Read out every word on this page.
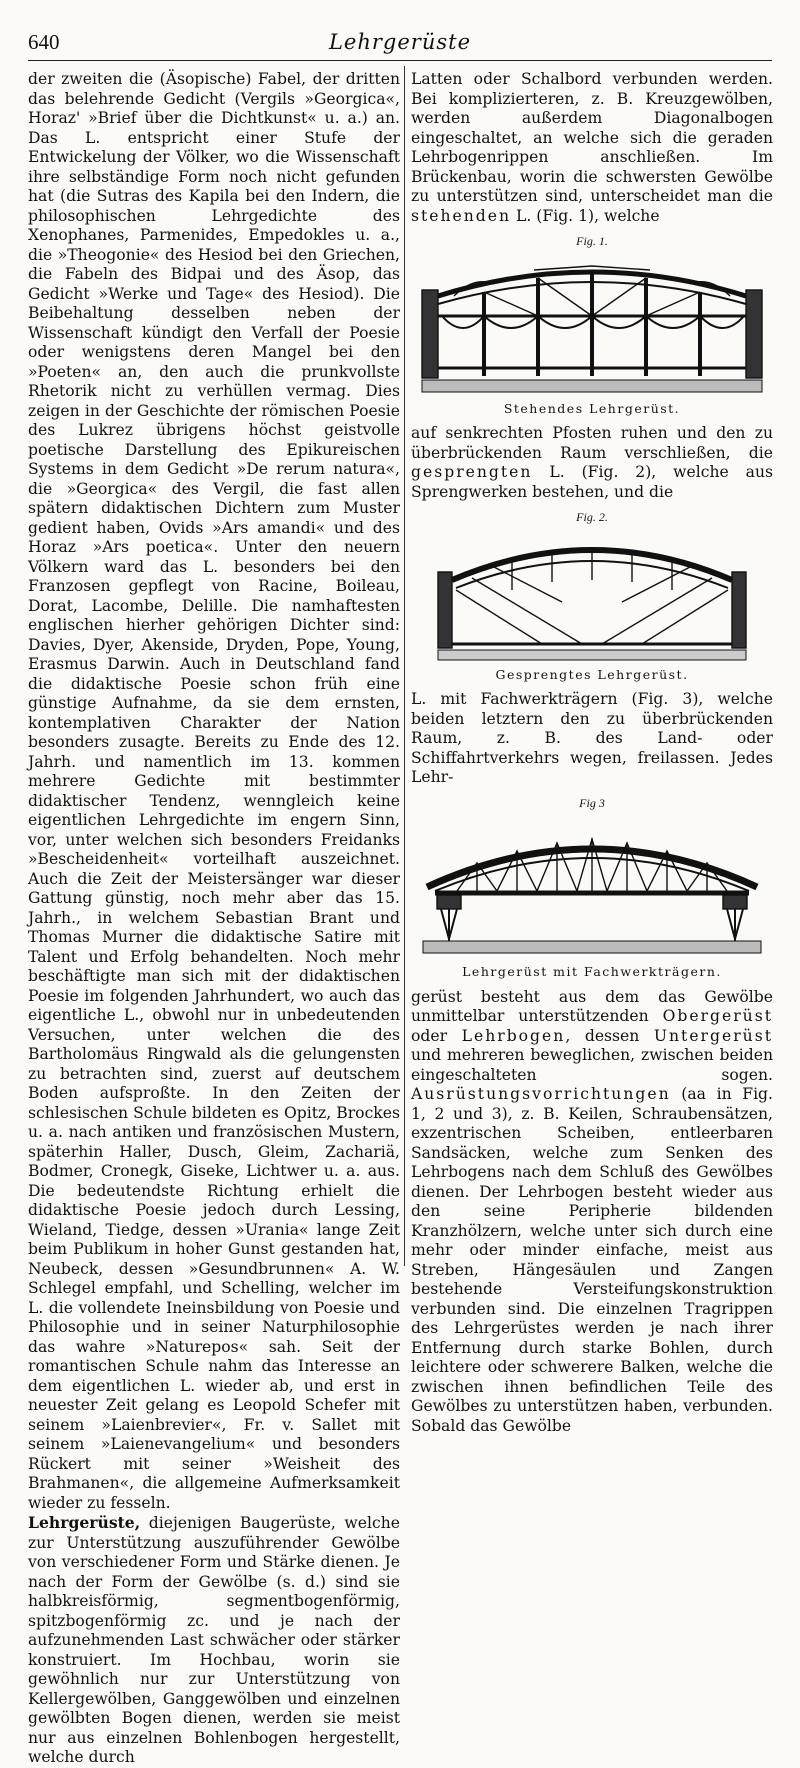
640	Lehrgerüste

der zweiten die (Äsopische) Fabel, der dritten das belehrende Gedicht (Vergils »Georgica«, Horaz' »Brief über die Dichtkunst« u. a.) an. Das L. entspricht einer Stufe der Entwickelung der Völker, wo die Wissenschaft ihre selbständige Form noch nicht gefunden hat (die Sutras des Kapila bei den Indern, die philosophischen Lehrgedichte des Xenophanes, Parmenides, Empedokles u. a., die »Theogonie« des Hesiod bei den Griechen, die Fabeln des Bidpai und des Äsop, das Gedicht »Werke und Tage« des Hesiod). Die Beibehaltung desselben neben der Wissenschaft kündigt den Verfall der Poesie oder wenigstens deren Mangel bei den »Poeten« an, den auch die prunkvollste Rhetorik nicht zu verhüllen vermag. Dies zeigen in der Geschichte der römischen Poesie des Lukrez übrigens höchst geistvolle poetische Darstellung des Epikureischen Systems in dem Gedicht »De rerum natura«, die »Georgica« des Vergil, die fast allen spätern didaktischen Dichtern zum Muster gedient haben, Ovids »Ars amandi« und des Horaz »Ars poetica«. Unter den neuern Völkern ward das L. besonders bei den Franzosen gepflegt von Racine, Boileau, Dorat, Lacombe, Delille. Die namhaftesten englischen hierher gehörigen Dichter sind: Davies, Dyer, Akenside, Dryden, Pope, Young, Erasmus Darwin. Auch in Deutschland fand die didaktische Poesie schon früh eine günstige Aufnahme, da sie dem ernsten, kontemplativen Charakter der Nation besonders zusagte. Bereits zu Ende des 12. Jahrh. und namentlich im 13. kommen mehrere Gedichte mit bestimmter didaktischer Tendenz, wenngleich keine eigentlichen Lehrgedichte im engern Sinn, vor, unter welchen sich besonders Freidanks »Bescheidenheit« vorteilhaft auszeichnet. Auch die Zeit der Meistersänger war dieser Gattung günstig, noch mehr aber das 15. Jahrh., in welchem Sebastian Brant und Thomas Murner die didaktische Satire mit Talent und Erfolg behandelten. Noch mehr beschäftigte man sich mit der didaktischen Poesie im folgenden Jahrhundert, wo auch das eigentliche L., obwohl nur in unbedeutenden Versuchen, unter welchen die des Bartholomäus Ringwald als die gelungensten zu betrachten sind, zuerst auf deutschem Boden aufsproßte. In den Zeiten der schlesischen Schule bildeten es Opitz, Brockes u. a. nach antiken und französischen Mustern, späterhin Haller, Dusch, Gleim, Zachariä, Bodmer, Cronegk, Giseke, Lichtwer u. a. aus. Die bedeutendste Richtung erhielt die didaktische Poesie jedoch durch Lessing, Wieland, Tiedge, dessen »Urania« lange Zeit beim Publikum in hoher Gunst gestanden hat, Neubeck, dessen »Gesundbrunnen« A. W. Schlegel empfahl, und Schelling, welcher im L. die vollendete Ineinsbildung von Poesie und Philosophie und in seiner Naturphilosophie das wahre »Naturepos« sah. Seit der romantischen Schule nahm das Interesse an dem eigentlichen L. wieder ab, und erst in neuester Zeit gelang es Leopold Schefer mit seinem »Laienbrevier«, Fr. v. Sallet mit seinem »Laienevangelium« und besonders Rückert mit seiner »Weisheit des Brahmanen«, die allgemeine Aufmerksamkeit wieder zu fesseln.

Lehrgerüste, diejenigen Baugerüste, welche zur Unterstützung auszuführender Gewölbe von verschiedener Form und Stärke dienen. Je nach der Form der Gewölbe (s. d.) sind sie halbkreisförmig, segmentbogenförmig, spitzbogenförmig zc. und je nach der aufzunehmenden Last schwächer oder stärker konstruiert. Im Hochbau, worin sie gewöhnlich nur zur Unterstützung von Kellergewölben, Ganggewölben und einzelnen gewölbten Bogen dienen, werden sie meist nur aus einzelnen Bohlenbogen hergestellt, welche durch

Latten oder Schalbord verbunden werden. Bei komplizierteren, z. B. Kreuzgewölben, werden außerdem Diagonalbogen eingeschaltet, an welche sich die geraden Lehrbogenrippen anschließen. Im Brückenbau, worin die schwersten Gewölbe zu unterstützen sind, unterscheidet man die stehenden L. (Fig. 1), welche

Fig. 1.
Stehendes Lehrgerüst.

auf senkrechten Pfosten ruhen und den zu überbrückenden Raum verschließen, die gesprengten L. (Fig. 2), welche aus Sprengwerken bestehen, und die

Fig. 2.
Gesprengtes Lehrgerüst.

L. mit Fachwerkträgern (Fig. 3), welche beiden letztern den zu überbrückenden Raum, z. B. des Land- oder Schiffahrtverkehrs wegen, freilassen. Jedes Lehr-

Fig 3
Lehrgerüst mit Fachwerkträgern.

gerüst besteht aus dem das Gewölbe unmittelbar unterstützenden Obergerüst oder Lehrbogen, dessen Untergerüst und mehreren beweglichen, zwischen beiden eingeschalteten sogen. Ausrüstungsvorrichtungen (aa in Fig. 1, 2 und 3), z. B. Keilen, Schraubensätzen, exzentrischen Scheiben, entleerbaren Sandsäcken, welche zum Senken des Lehrbogens nach dem Schluß des Gewölbes dienen. Der Lehrbogen besteht wieder aus den seine Peripherie bildenden Kranzhölzern, welche unter sich durch eine mehr oder minder einfache, meist aus Streben, Hängesäulen und Zangen bestehende Versteifungskonstruktion verbunden sind. Die einzelnen Tragrippen des Lehrgerüstes werden je nach ihrer Entfernung durch starke Bohlen, durch leichtere oder schwerere Balken, welche die zwischen ihnen befindlichen Teile des Gewölbes zu unterstützen haben, verbunden. Sobald das Gewölbe
